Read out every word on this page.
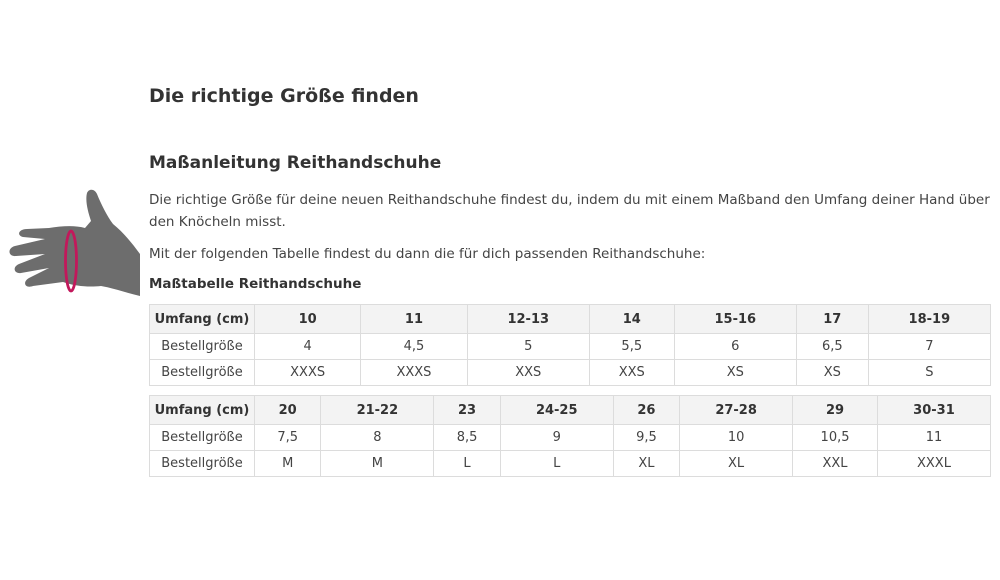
Die richtige Größe finden
Maßanleitung Reithandschuhe

Die richtige Größe für deine neuen Reithandschuhe findest du, indem du mit einem Maßband den Umfang deiner Hand über den Knöcheln misst.

Mit der folgenden Tabelle findest du dann die für dich passenden Reithandschuhe:

Maßtabelle Reithandschuhe
Umfang (cm)	10	11	12-13	14	15-16	17	18-19
Bestellgröße	4	4,5	5	5,5	6	6,5	7
Bestellgröße	XXXS	XXXS	XXS	XXS	XS	XS	S
Umfang (cm)	20	21-22	23	24-25	26	27-28	29	30-31
Bestellgröße	7,5	8	8,5	9	9,5	10	10,5	11
Bestellgröße	M	M	L	L	XL	XL	XXL	XXXL
